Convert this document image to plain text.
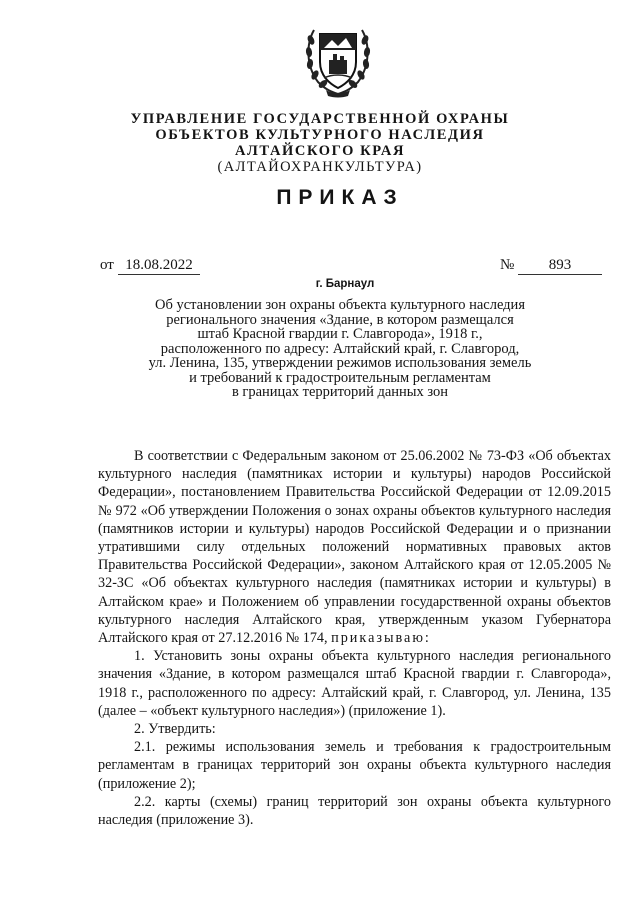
УПРАВЛЕНИЕ ГОСУДАРСТВЕННОЙ ОХРАНЫ

ОБЪЕКТОВ КУЛЬТУРНОГО НАСЛЕДИЯ

АЛТАЙСКОГО КРАЯ

(АЛТАЙОХРАНКУЛЬТУРА)

ПРИКАЗ
от 18.08.2022	№	893
г. Барнаул
Об установлении зон охраны объекта культурного наследия
регионального значения «Здание, в котором размещался
штаб Красной гвардии г. Славгорода», 1918 г.,
расположенного по адресу: Алтайский край, г. Славгород,
ул. Ленина, 135, утверждении режимов использования земель
и требований к градостроительным регламентам
в границах территорий данных зон

В соответствии с Федеральным законом от 25.06.2002 № 73-ФЗ «Об объектах культурного наследия (памятниках истории и культуры) народов Российской Федерации», постановлением Правительства Российской Федерации от 12.09.2015 № 972 «Об утверждении Положения о зонах охраны объектов культурного наследия (памятников истории и культуры) народов Российской Федерации и о признании утратившими силу отдельных положений нормативных правовых актов Правительства Российской Федерации», законом Алтайского края от 12.05.2005 № 32-ЗС «Об объектах культурного наследия (памятниках истории и культуры) в Алтайском крае» и Положением об управлении государственной охраны объектов культурного наследия Алтайского края, утвержденным указом Губернатора Алтайского края от 27.12.2016 № 174, приказываю:

1. Установить зоны охраны объекта культурного наследия регионального значения «Здание, в котором размещался штаб Красной гвардии г. Славгорода», 1918 г., расположенного по адресу: Алтайский край, г. Славгород, ул. Ленина, 135 (далее – «объект культурного наследия») (приложение 1).

2. Утвердить:

2.1. режимы использования земель и требования к градостроительным регламентам в границах территорий зон охраны объекта культурного наследия (приложение 2);

2.2. карты (схемы) границ территорий зон охраны объекта культурного наследия (приложение 3).
